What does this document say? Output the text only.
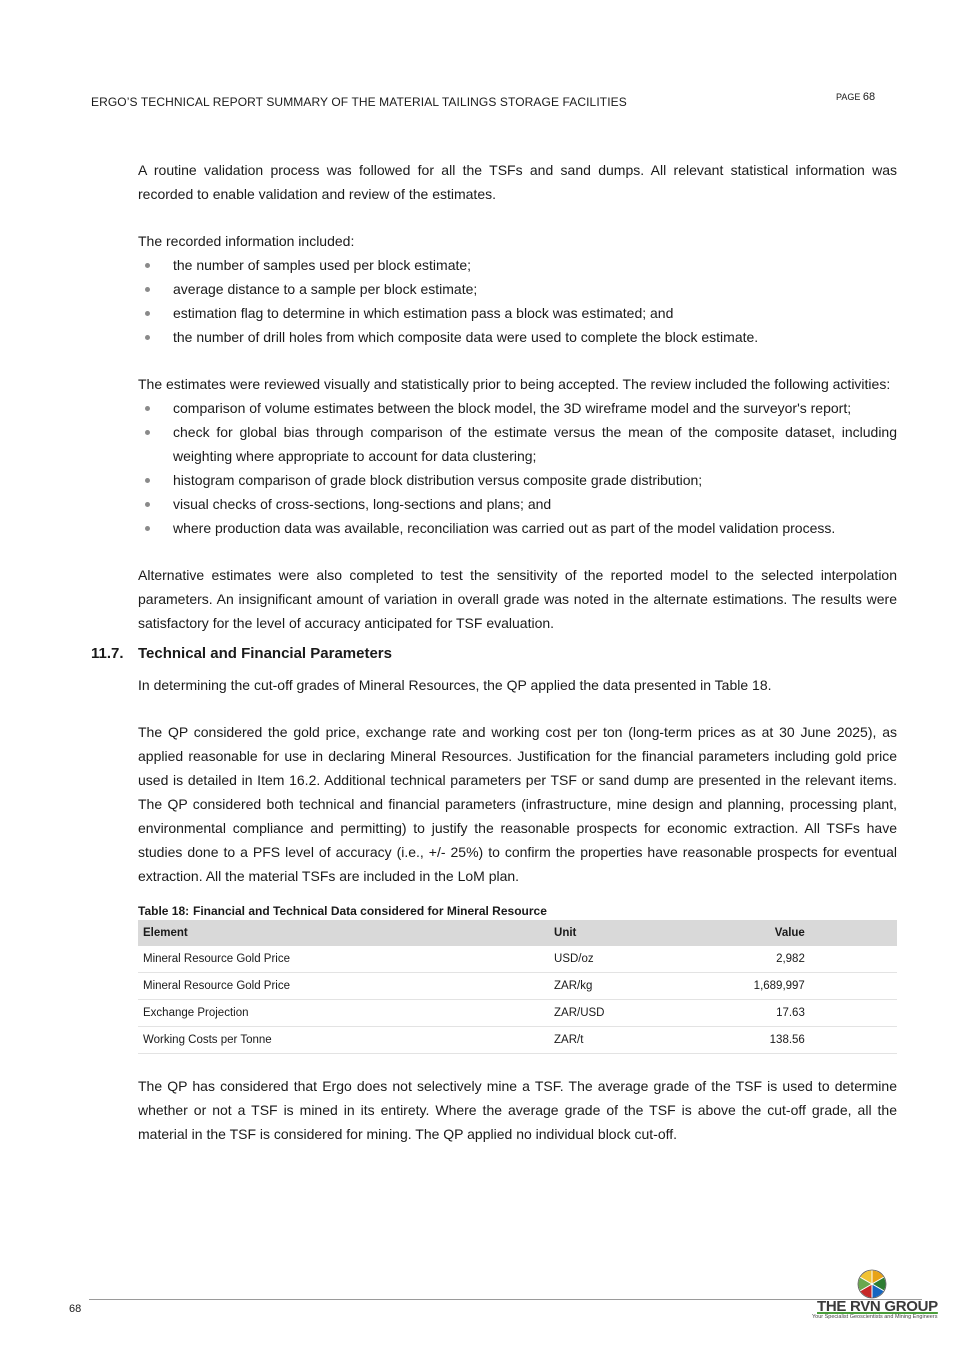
ERGO’S TECHNICAL REPORT SUMMARY OF THE MATERIAL TAILINGS STORAGE FACILITIES	PAGE 68

A routine validation process was followed for all the TSFs and sand dumps. All relevant statistical information was recorded to enable validation and review of the estimates.

The recorded information included:

the number of samples used per block estimate;
average distance to a sample per block estimate;
estimation flag to determine in which estimation pass a block was estimated; and
the number of drill holes from which composite data were used to complete the block estimate.

The estimates were reviewed visually and statistically prior to being accepted. The review included the following activities:

comparison of volume estimates between the block model, the 3D wireframe model and the surveyor's report;
check for global bias through comparison of the estimate versus the mean of the composite dataset, including weighting where appropriate to account for data clustering;
histogram comparison of grade block distribution versus composite grade distribution;
visual checks of cross-sections, long-sections and plans; and
where production data was available, reconciliation was carried out as part of the model validation process.

Alternative estimates were also completed to test the sensitivity of the reported model to the selected interpolation parameters. An insignificant amount of variation in overall grade was noted in the alternate estimations. The results were satisfactory for the level of accuracy anticipated for TSF evaluation.

11.7. Technical and Financial Parameters

In determining the cut-off grades of Mineral Resources, the QP applied the data presented in Table 18.

The QP considered the gold price, exchange rate and working cost per ton (long-term prices as at 30 June 2025), as applied reasonable for use in declaring Mineral Resources. Justification for the financial parameters including gold price used is detailed in Item 16.2. Additional technical parameters per TSF or sand dump are presented in the relevant items. The QP considered both technical and financial parameters (infrastructure, mine design and planning, processing plant, environmental compliance and permitting) to justify the reasonable prospects for economic extraction. All TSFs have studies done to a PFS level of accuracy (i.e., +/- 25%) to confirm the properties have reasonable prospects for eventual extraction. All the material TSFs are included in the LoM plan.

Table 18: Financial and Technical Data considered for Mineral Resource
Element	Unit	Value	
Mineral Resource Gold Price	USD/oz	2,982	
Mineral Resource Gold Price	ZAR/kg	1,689,997	
Exchange Projection	ZAR/USD	17.63	
Working Costs per Tonne	ZAR/t	138.56	

The QP has considered that Ergo does not selectively mine a TSF. The average grade of the TSF is used to determine whether or not a TSF is mined in its entirety. Where the average grade of the TSF is above the cut-off grade, all the material in the TSF is considered for mining. The QP applied no individual block cut-off.

68	THE RVN GROUP
Your Specialist Geoscientists and Mining Engineers
